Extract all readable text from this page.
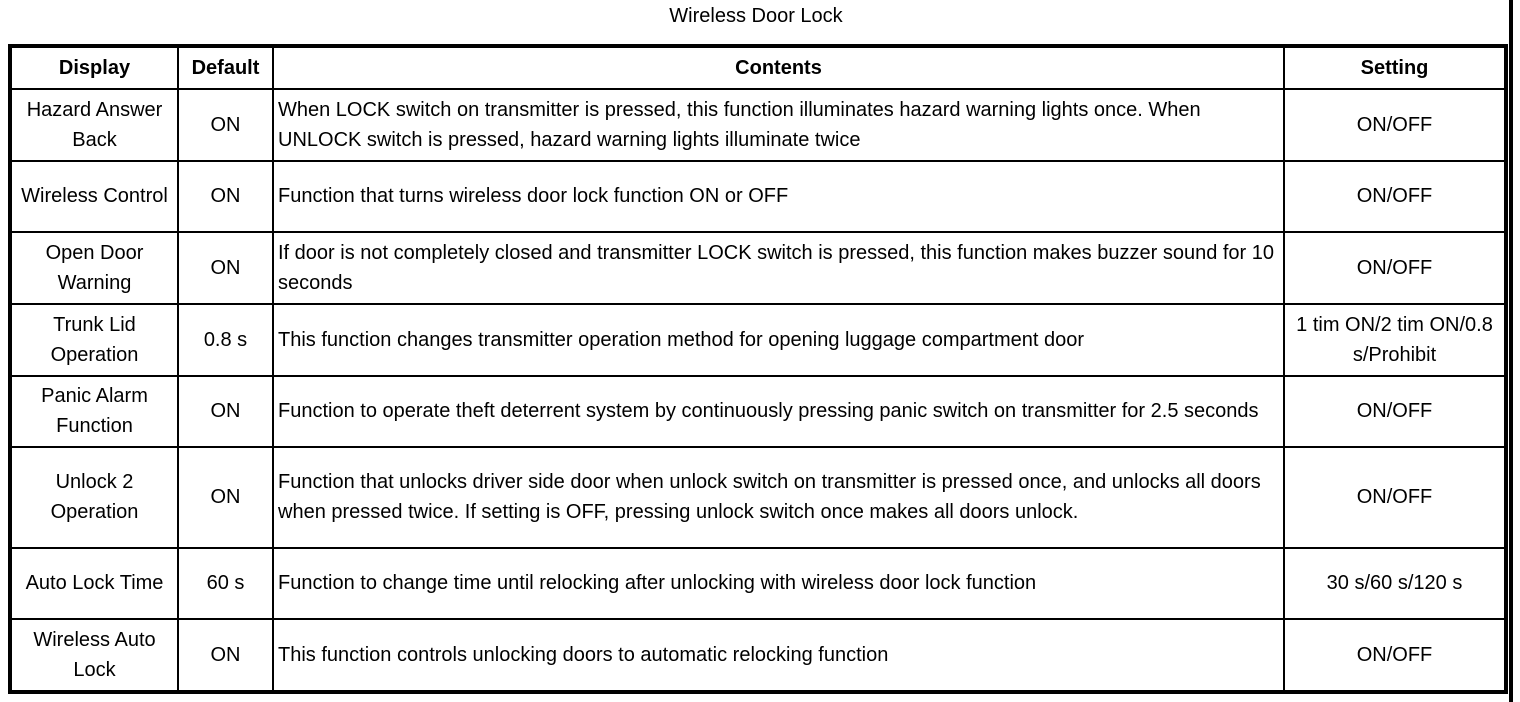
Wireless Door Lock
Display	Default	Contents	Setting
Hazard Answer Back	ON	When LOCK switch on transmitter is pressed, this function illuminates hazard warning lights once. When UNLOCK switch is pressed, hazard warning lights illuminate twice	ON/OFF
Wireless Control	ON	Function that turns wireless door lock function ON or OFF	ON/OFF
Open Door Warning	ON	If door is not completely closed and transmitter LOCK switch is pressed, this function makes buzzer sound for 10 seconds	ON/OFF
Trunk Lid Operation	0.8 s	This function changes transmitter operation method for opening luggage compartment door	1 tim ON/2 tim ON/0.8 s/Prohibit
Panic Alarm Function	ON	Function to operate theft deterrent system by continuously pressing panic switch on transmitter for 2.5 seconds	ON/OFF
Unlock 2 Operation	ON	Function that unlocks driver side door when unlock switch on transmitter is pressed once, and unlocks all doors when pressed twice. If setting is OFF, pressing unlock switch once makes all doors unlock.	ON/OFF
Auto Lock Time	60 s	Function to change time until relocking after unlocking with wireless door lock function	30 s/60 s/120 s
Wireless Auto Lock	ON	This function controls unlocking doors to automatic relocking function	ON/OFF
